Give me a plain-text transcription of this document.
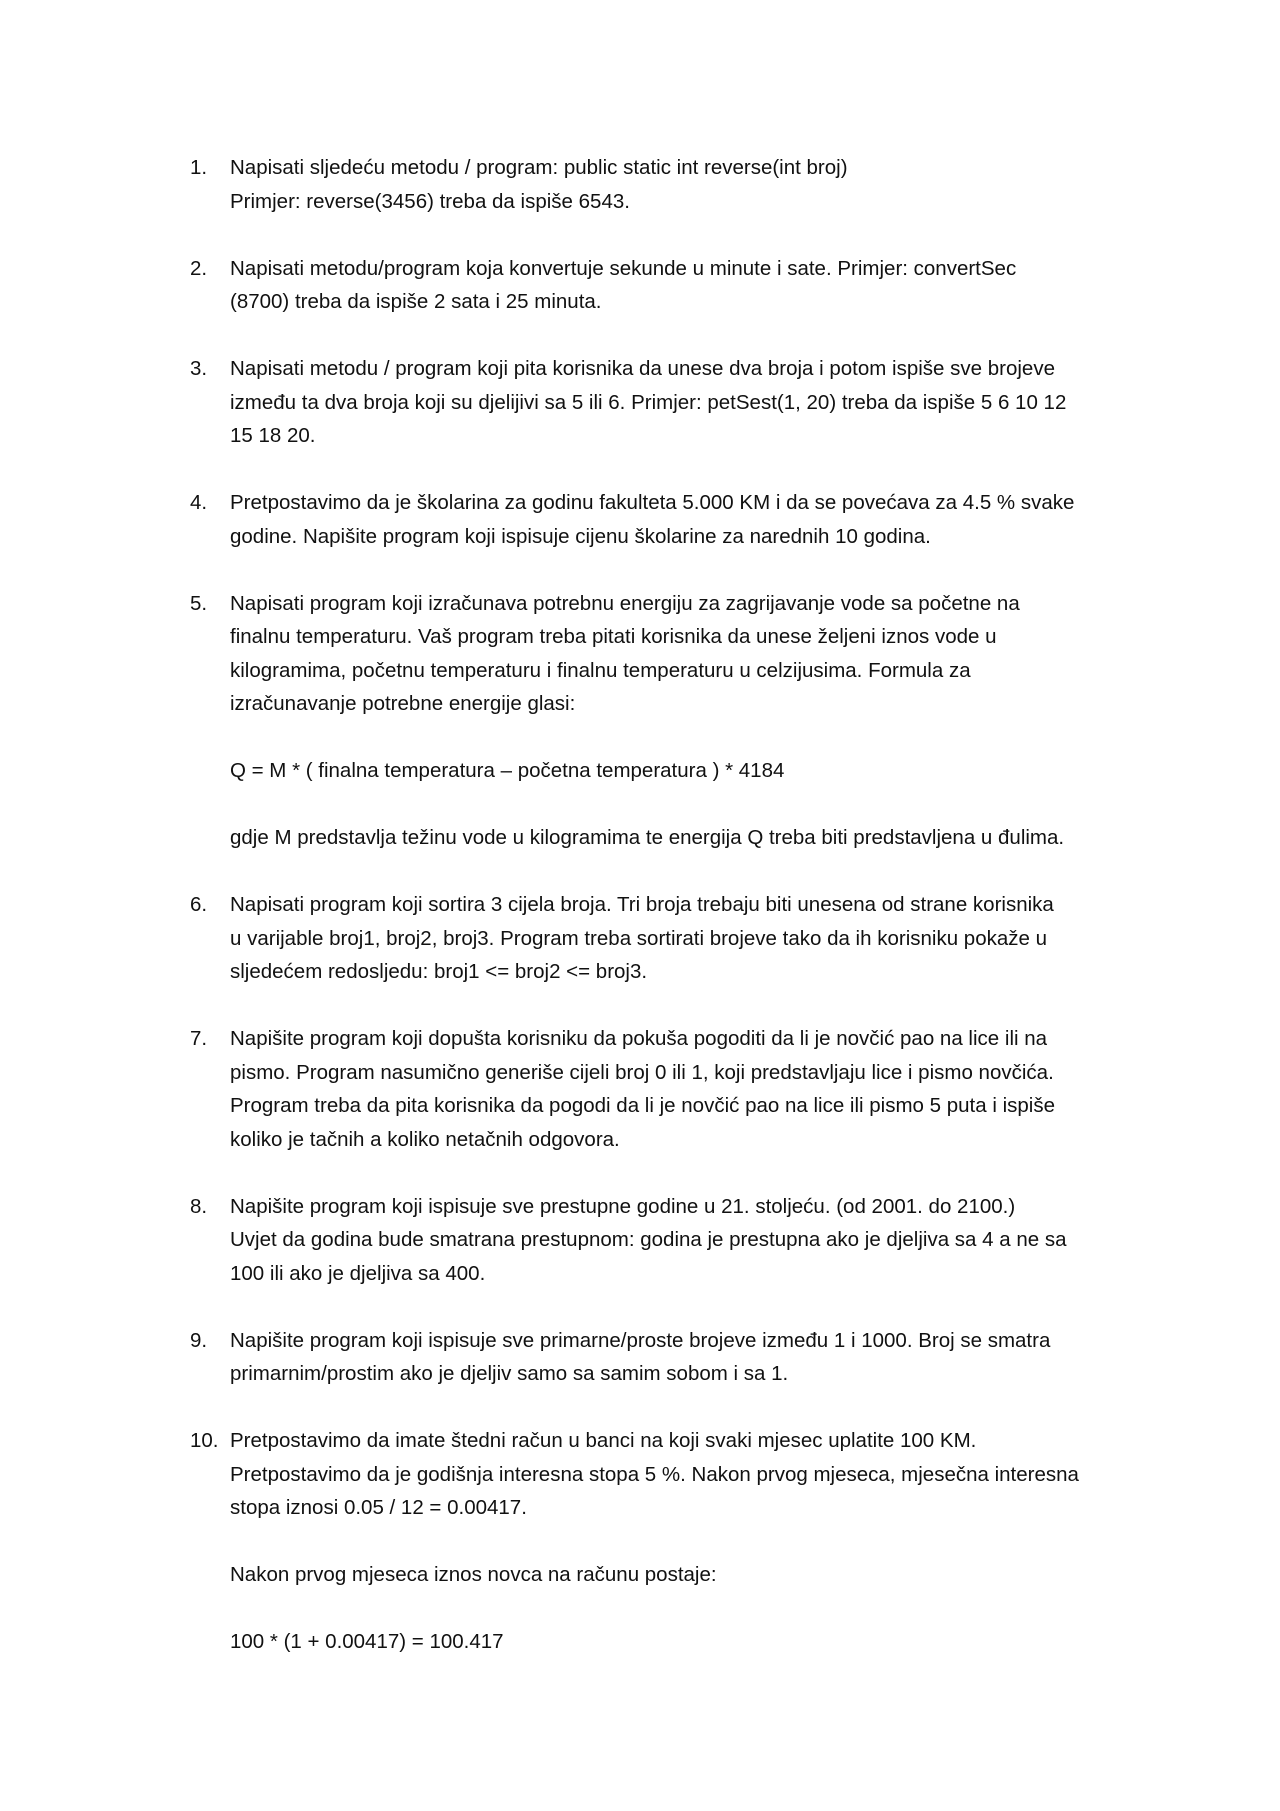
1.	Napisati sljedeću metodu / program: public static int reverse(int broj)
Primjer: reverse(3456) treba da ispiše 6543.

2.	Napisati metodu/program koja konvertuje sekunde u minute i sate. Primjer: convertSec
(8700) treba da ispiše 2 sata i 25 minuta.

3.	Napisati metodu / program koji pita korisnika da unese dva broja i potom ispiše sve brojeve
između ta dva broja koji su djelijivi sa 5 ili 6. Primjer: petSest(1, 20) treba da ispiše 5 6 10 12
15 18 20.

4.	Pretpostavimo da je školarina za godinu fakulteta 5.000 KM i da se povećava za 4.5 % svake
godine. Napišite program koji ispisuje cijenu školarine za narednih 10 godina.

5.	Napisati program koji izračunava potrebnu energiju za zagrijavanje vode sa početne na
finalnu temperaturu. Vaš program treba pitati korisnika da unese željeni iznos vode u
kilogramima, početnu temperaturu i finalnu temperaturu u celzijusima. Formula za
izračunavanje potrebne energije glasi:

Q = M * ( finalna temperatura – početna temperatura ) * 4184

gdje M predstavlja težinu vode u kilogramima te energija Q treba biti predstavljena u đulima.

6.	Napisati program koji sortira 3 cijela broja. Tri broja trebaju biti unesena od strane korisnika
u varijable broj1, broj2, broj3. Program treba sortirati brojeve tako da ih korisniku pokaže u
sljedećem redosljedu: broj1 <= broj2 <= broj3.

7.	Napišite program koji dopušta korisniku da pokuša pogoditi da li je novčić pao na lice ili na
pismo. Program nasumično generiše cijeli broj 0 ili 1, koji predstavljaju lice i pismo novčića.
Program treba da pita korisnika da pogodi da li je novčić pao na lice ili pismo 5 puta i ispiše
koliko je tačnih a koliko netačnih odgovora.

8.	Napišite program koji ispisuje sve prestupne godine u 21. stoljeću. (od 2001. do 2100.)
Uvjet da godina bude smatrana prestupnom: godina je prestupna ako je djeljiva sa 4 a ne sa
100 ili ako je djeljiva sa 400.

9.	Napišite program koji ispisuje sve primarne/proste brojeve između 1 i 1000. Broj se smatra
primarnim/prostim ako je djeljiv samo sa samim sobom i sa 1.

10. Pretpostavimo da imate štedni račun u banci na koji svaki mjesec uplatite 100 KM.
Pretpostavimo da je godišnja interesna stopa 5 %. Nakon prvog mjeseca, mjesečna interesna
stopa iznosi 0.05 / 12 = 0.00417.

Nakon prvog mjeseca iznos novca na računu postaje:

100 * (1 + 0.00417) = 100.417
